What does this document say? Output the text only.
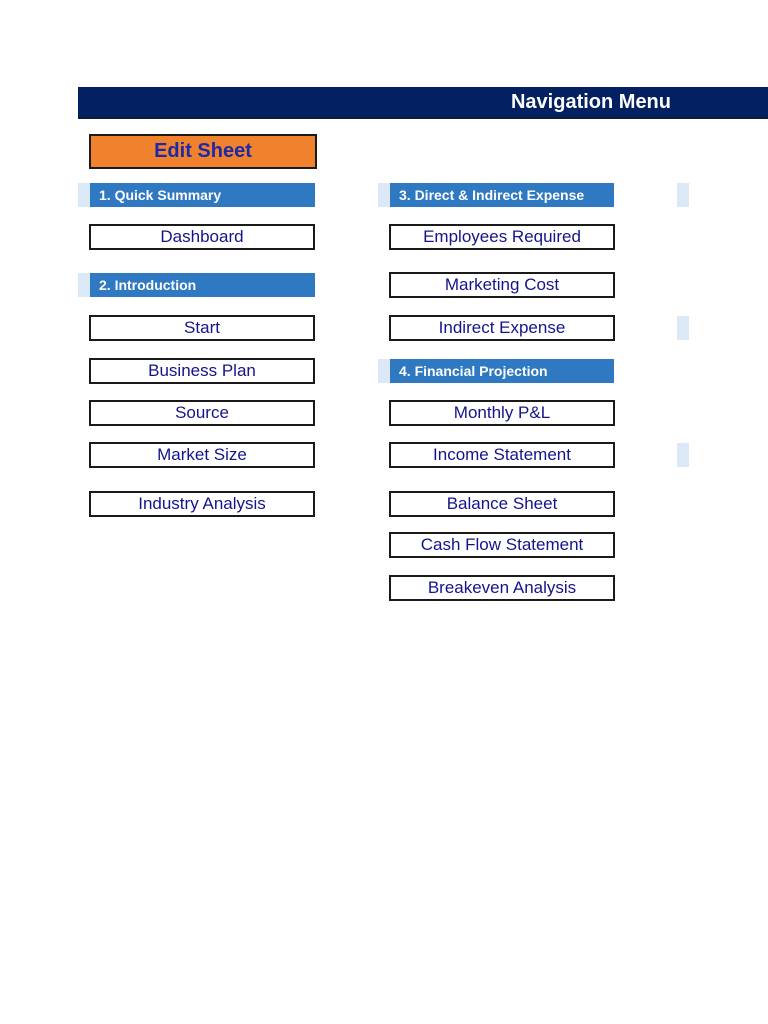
Navigation Menu
Edit Sheet
1. Quick Summary
Dashboard
2. Introduction
Start
Business Plan
Source
Market Size
Industry Analysis
3. Direct & Indirect Expense
Employees Required
Marketing Cost
Indirect Expense
4. Financial Projection
Monthly P&L
Income Statement
Balance Sheet
Cash Flow Statement
Breakeven Analysis
